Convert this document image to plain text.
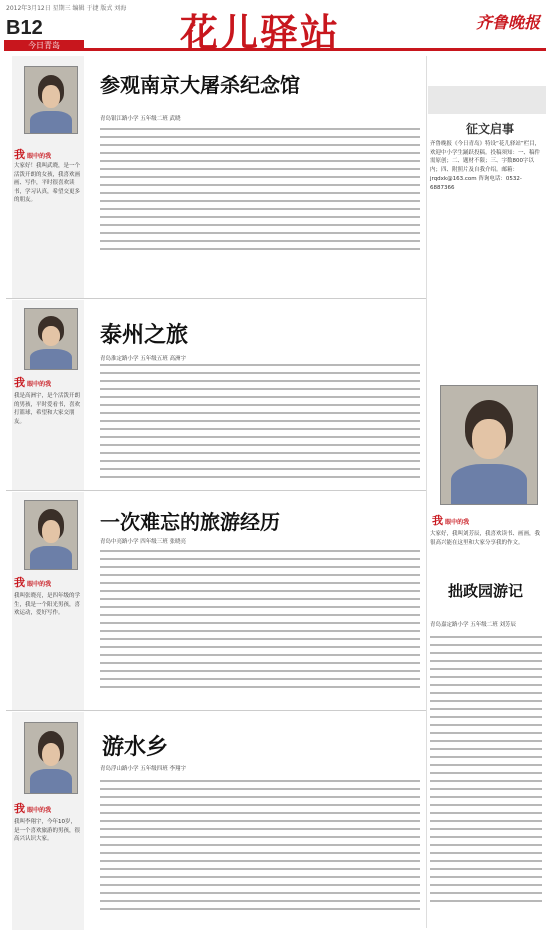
2012年3月12日 星期三 编辑 于捷 版式 刘海
B12
今日青岛	花儿驿站	齐鲁晚报
参观南京大屠杀纪念馆
青岛银江路小学 五年级二班 武晓
我 眼中的我
大家好！我叫武晓，是一个活泼开朗的女孩，我喜欢画画、写作，平时很喜欢读书，学习认真，希望交更多的朋友。
泰州之旅
青岛淮定路小学 五年级五班 高洲宇
我 眼中的我
我是高洲宇，是个活泼开朗的男孩，平时爱看书，喜欢打篮球，希望和大家交朋友。
一次难忘的旅游经历
青岛中亮路小学 四年级三班 张晓亮
我 眼中的我
我叫张晓亮，是四年级的学生，我是一个阳光男孩，喜欢运动，爱好写作。
游水乡
青岛浮山路小学 五年级四班 李翔宇
我 眼中的我
我叫李翔宇，今年10岁，是一个喜欢旅游的男孩，很高兴认识大家。
征文启事
齐鲁晚报《今日青岛》特设“花儿驿站”栏目，欢迎中小学生踊跃投稿。投稿须知：一、稿件需原创；二、题材不限；三、字数800字以内；四、附照片及自我介绍。邮箱：jrqdxk@163.com 咨询电话：0532-6887366
我 眼中的我
大家好，我叫刘芳辰，我喜欢读书、画画，我很高兴能在这里和大家分享我的作文。
拙政园游记
青岛嘉定路小学 五年级二班 刘芳辰
